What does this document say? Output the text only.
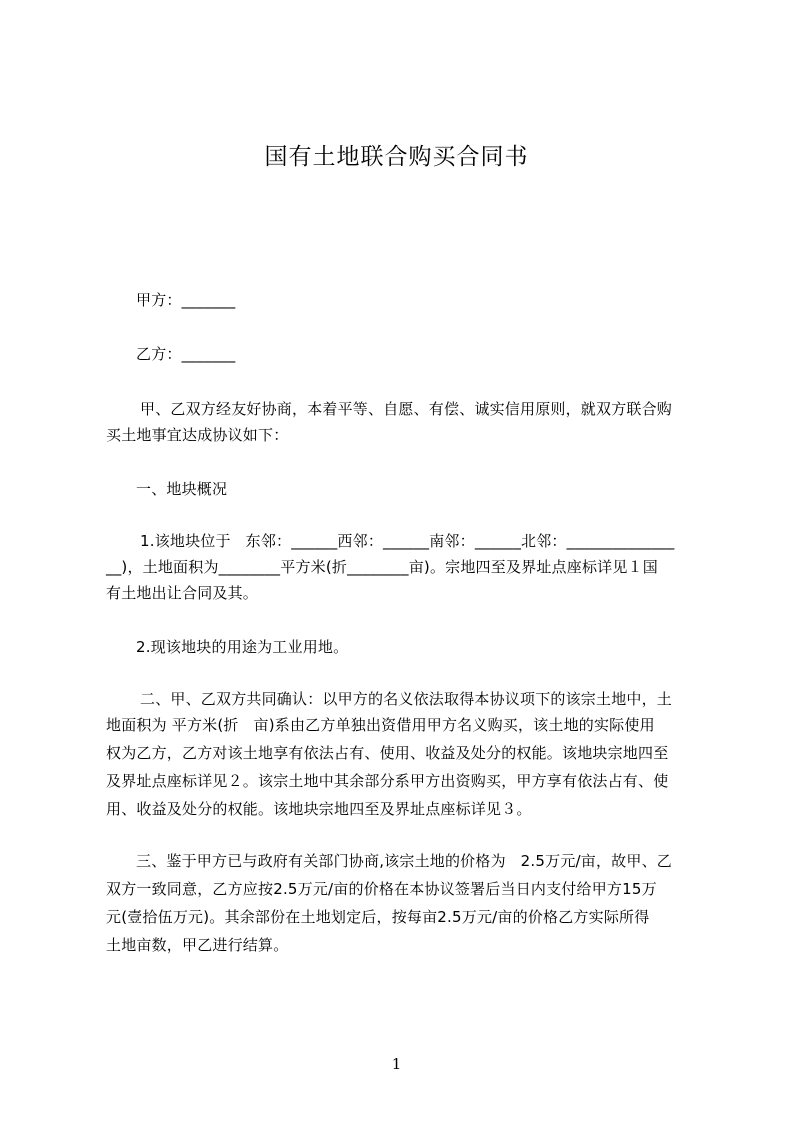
国有土地联合购买合同书
甲方：_______
乙方：_______
甲、乙双方经友好协商，本着平等、自愿、有偿、诚实信用原则，就双方联合购
买土地事宜达成协议如下：
一、地块概况
1.该地块位于   东邻：______西邻：______南邻：______北邻：______________
__)，土地面积为________平方米(折________亩)。宗地四至及界址点座标详见１国
有土地出让合同及其。
2.现该地块的用途为工业用地。
二、甲、乙双方共同确认：以甲方的名义依法取得本协议项下的该宗土地中，土
地面积为 平方米(折   亩)系由乙方单独出资借用甲方名义购买，该土地的实际使用
权为乙方，乙方对该土地享有依法占有、使用、收益及处分的权能。该地块宗地四至
及界址点座标详见２。该宗土地中其余部分系甲方出资购买，甲方享有依法占有、使
用、收益及处分的权能。该地块宗地四至及界址点座标详见３。
三、鉴于甲方已与政府有关部门协商,该宗土地的价格为   2.5万元/亩，故甲、乙
双方一致同意，乙方应按2.5万元/亩的价格在本协议签署后当日内支付给甲方15万
元(壹拾伍万元)。其余部份在土地划定后，按每亩2.5万元/亩的价格乙方实际所得
土地亩数，甲乙进行结算。
1
